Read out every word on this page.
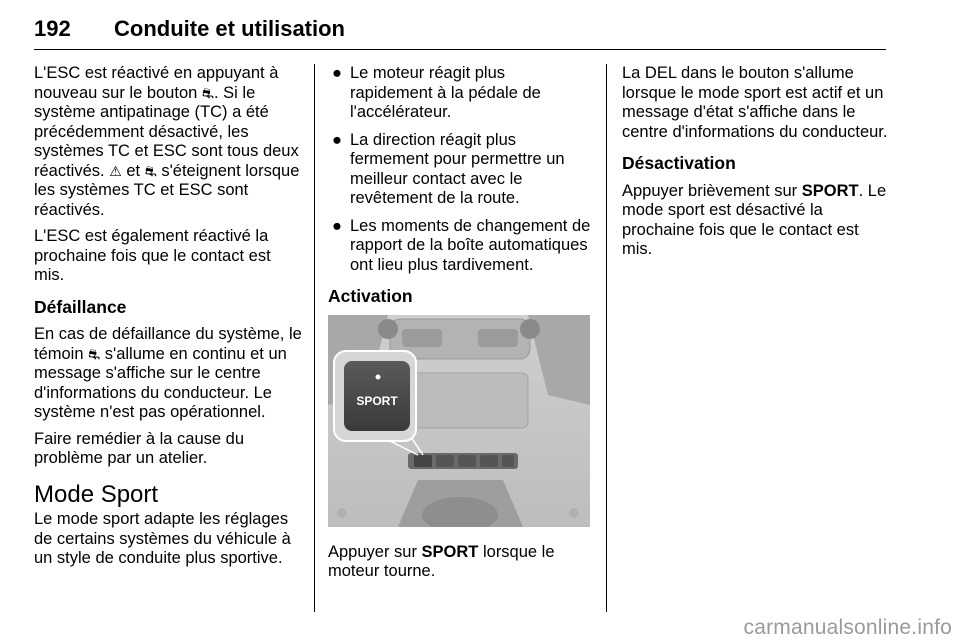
192 Conduite et utilisation

L'ESC est réactivé en appuyant à nouveau sur le bouton ⛐. Si le système antipatinage (TC) a été précédemment désactivé, les systèmes TC et ESC sont tous deux réactivés. ⚠ et ⛐ s'éteignent lorsque les systèmes TC et ESC sont réactivés.

L'ESC est également réactivé la prochaine fois que le contact est mis.

Défaillance

En cas de défaillance du système, le témoin ⛐ s'allume en continu et un message s'affiche sur le centre d'informations du conducteur. Le système n'est pas opérationnel.

Faire remédier à la cause du problème par un atelier.

Mode Sport

Le mode sport adapte les réglages de certains systèmes du véhicule à un style de conduite plus sportive.

● Le moteur réagit plus rapidement à la pédale de l'accélérateur.
● La direction réagit plus fermement pour permettre un meilleur contact avec le revêtement de la route.
● Les moments de changement de rapport de la boîte automatiques ont lieu plus tardivement.
Activation
SPORT

Appuyer sur SPORT lorsque le moteur tourne.

La DEL dans le bouton s'allume lorsque le mode sport est actif et un message d'état s'affiche dans le centre d'informations du conducteur.

Désactivation

Appuyer brièvement sur SPORT. Le mode sport est désactivé la prochaine fois que le contact est mis.

carmanualsonline.info
